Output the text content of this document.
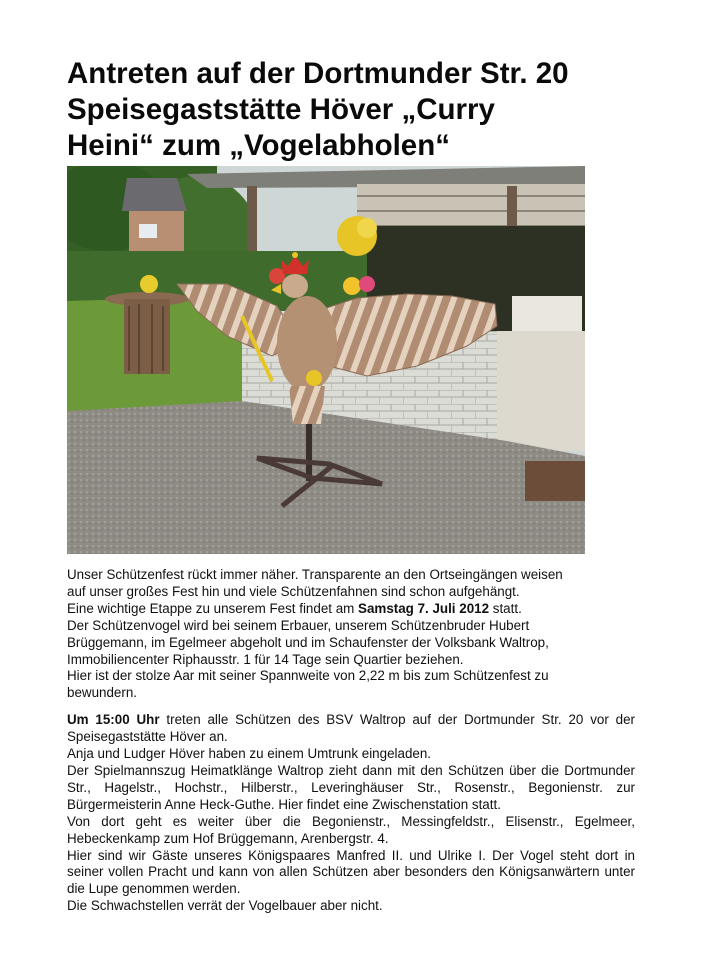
Antreten auf der Dortmunder Str. 20
Speisegaststätte Höver „Curry
Heini“ zum „Vogelabholen“

Unser Schützenfest rückt immer näher. Transparente an den Ortseingängen weisen

auf unser großes Fest hin und viele Schützenfahnen sind schon aufgehängt.

Eine wichtige Etappe zu unserem Fest findet am Samstag 7. Juli 2012 statt.

Der Schützenvogel wird bei seinem Erbauer, unserem Schützenbruder Hubert

Brüggemann, im Egelmeer abgeholt und im Schaufenster der Volksbank Waltrop,

Immobiliencenter Riphausstr. 1 für 14 Tage sein Quartier beziehen.

Hier ist der stolze Aar mit seiner Spannweite von 2,22 m bis zum Schützenfest zu

bewundern.

Um 15:00 Uhr treten alle Schützen des BSV Waltrop auf der Dortmunder Str. 20 vor der Speisegaststätte Höver an.

Anja und Ludger Höver haben zu einem Umtrunk eingeladen.

Der Spielmannszug Heimatklänge Waltrop zieht dann mit den Schützen über die Dortmunder Str., Hagelstr., Hochstr., Hilberstr., Leveringhäuser Str., Rosenstr., Begonienstr. zur Bürgermeisterin Anne Heck-Guthe. Hier findet eine Zwischenstation statt.

Von dort geht es weiter über die Begonienstr., Messingfeldstr., Elisenstr., Egelmeer, Hebeckenkamp zum Hof Brüggemann, Arenbergstr. 4.

Hier sind wir Gäste unseres Königspaares Manfred II. und Ulrike I. Der Vogel steht dort in seiner vollen Pracht und kann von allen Schützen aber besonders den Königsanwärtern unter die Lupe genommen werden.

Die Schwachstellen verrät der Vogelbauer aber nicht.
